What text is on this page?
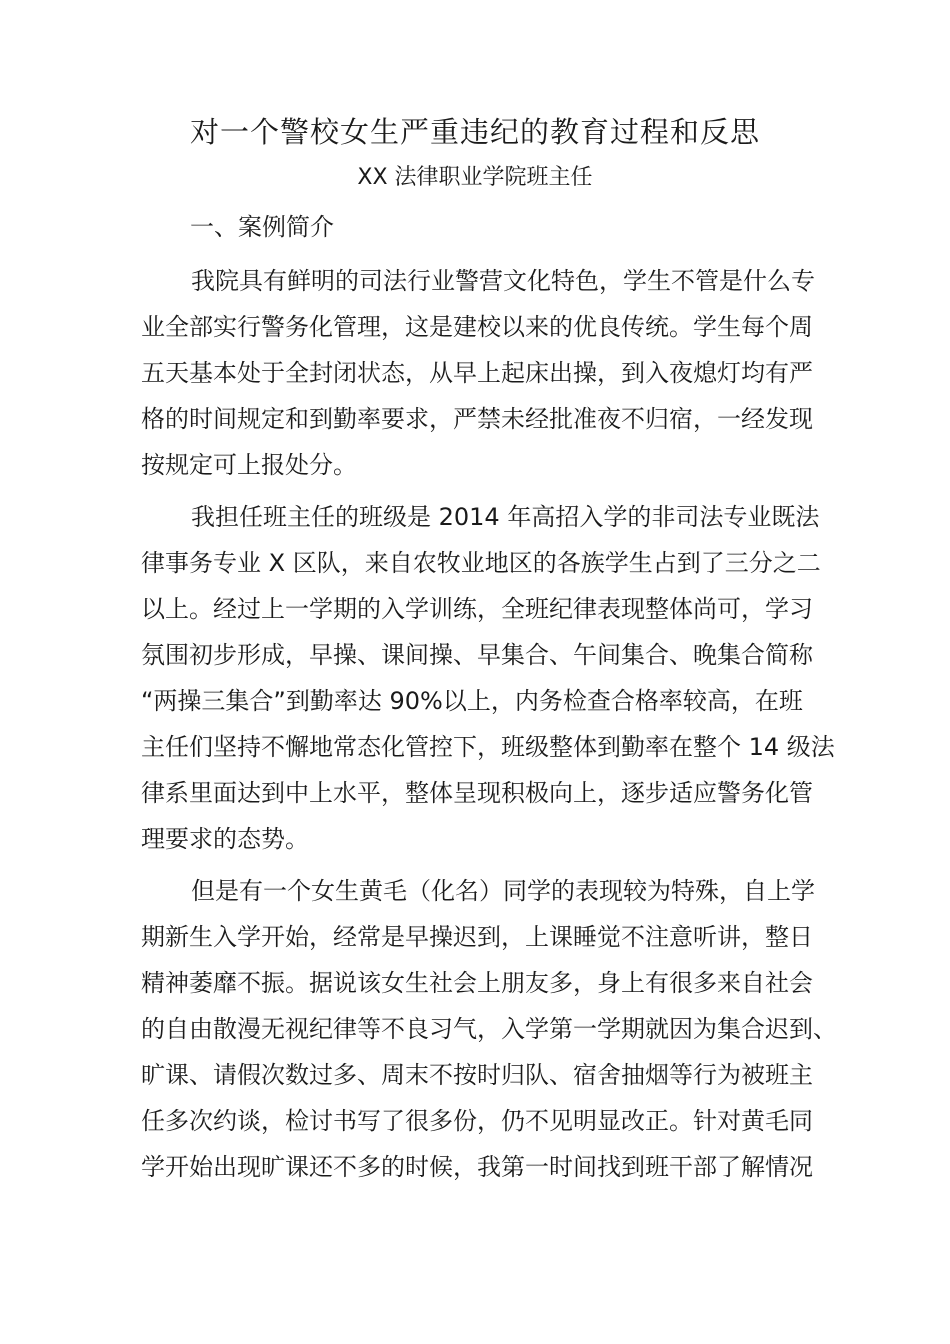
对一个警校女生严重违纪的教育过程和反思
XX 法律职业学院班主任
一、案例简介

我院具有鲜明的司法行业警营文化特色，学生不管是什么专
业全部实行警务化管理，这是建校以来的优良传统。学生每个周
五天基本处于全封闭状态，从早上起床出操，到入夜熄灯均有严
格的时间规定和到勤率要求，严禁未经批准夜不归宿，一经发现
按规定可上报处分。

我担任班主任的班级是 2014 年高招入学的非司法专业既法
律事务专业 X 区队，来自农牧业地区的各族学生占到了三分之二
以上。经过上一学期的入学训练，全班纪律表现整体尚可，学习
氛围初步形成，早操、课间操、早集合、午间集合、晚集合简称
“两操三集合”到勤率达 90%以上，内务检查合格率较高，在班
主任们坚持不懈地常态化管控下，班级整体到勤率在整个 14 级法
律系里面达到中上水平，整体呈现积极向上，逐步适应警务化管
理要求的态势。

但是有一个女生黄毛（化名）同学的表现较为特殊，自上学
期新生入学开始，经常是早操迟到，上课睡觉不注意听讲，整日
精神萎靡不振。据说该女生社会上朋友多，身上有很多来自社会
的自由散漫无视纪律等不良习气，入学第一学期就因为集合迟到、
旷课、请假次数过多、周末不按时归队、宿舍抽烟等行为被班主
任多次约谈，检讨书写了很多份，仍不见明显改正。针对黄毛同
学开始出现旷课还不多的时候，我第一时间找到班干部了解情况
